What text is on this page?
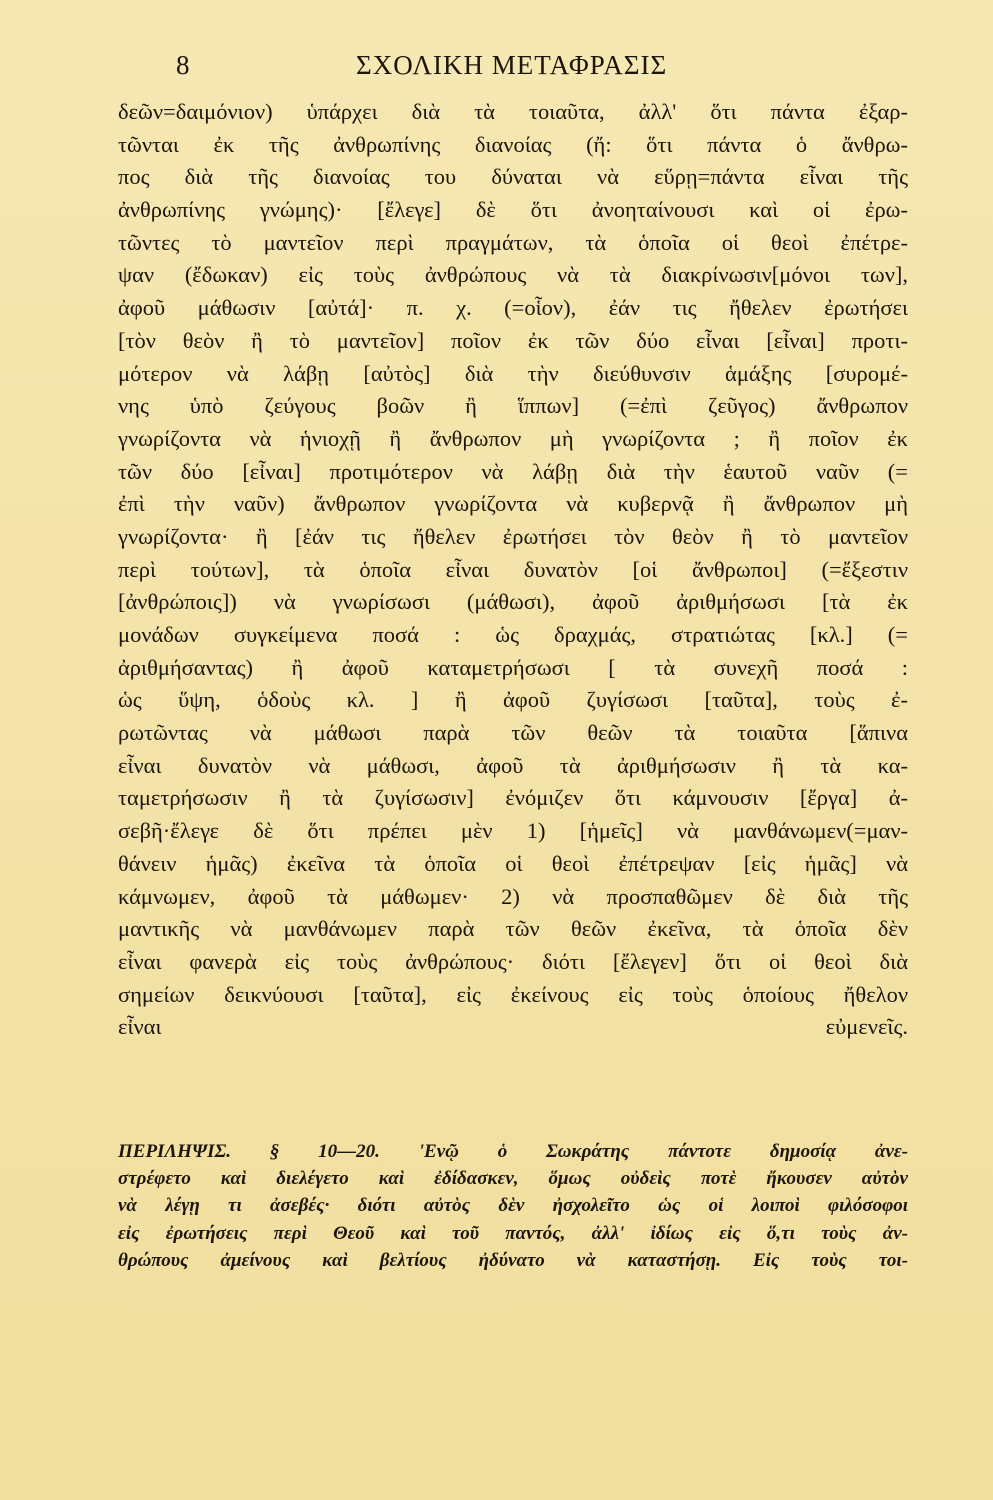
8	ΣΧΟΛΙΚΗ ΜΕΤΑΦΡΑΣΙΣ
δεῶν=δαιμόνιον) ὑπάρχει διὰ τὰ τοιαῦτα, ἀλλ' ὅτι πάντα ἐξαρ-
τῶνται ἐκ τῆς ἀνθρωπίνης διανοίας (ἤ: ὅτι πάντα ὁ ἄνθρω-
πος διὰ τῆς διανοίας του δύναται νὰ εὕρῃ=πάντα εἶναι τῆς
ἀνθρωπίνης γνώμης)· [ἔλεγε] δὲ ὅτι ἀνοηταίνουσι καὶ οἱ ἐρω-
τῶντες τὸ μαντεῖον περὶ πραγμάτων, τὰ ὁποῖα οἱ θεοὶ ἐπέτρε-
ψαν (ἔδωκαν) εἰς τοὺς ἀνθρώπους νὰ τὰ διακρίνωσιν[μόνοι των],
ἀφοῦ μάθωσιν [αὐτά]· π. χ. (=οἷον), ἐάν τις ἤθελεν ἐρωτήσει
[τὸν θεὸν ἢ τὸ μαντεῖον] ποῖον ἐκ τῶν δύο εἶναι [εἶναι] προτι-
μότερον νὰ λάβῃ [αὐτὸς] διὰ τὴν διεύθυνσιν ἁμάξης [συρομέ-
νης ὑπὸ ζεύγους βοῶν ἢ ἵππων] (=ἐπὶ ζεῦγος) ἄνθρωπον
γνωρίζοντα νὰ ἡνιοχῇ ἢ ἄνθρωπον μὴ γνωρίζοντα ; ἢ ποῖον ἐκ
τῶν δύο [εἶναι] προτιμότερον νὰ λάβῃ διὰ τὴν ἑαυτοῦ ναῦν (=
ἐπὶ τὴν ναῦν) ἄνθρωπον γνωρίζοντα νὰ κυβερνᾷ ἢ ἄνθρωπον μὴ
γνωρίζοντα· ἢ [ἐάν τις ἤθελεν ἐρωτήσει τὸν θεὸν ἢ τὸ μαντεῖον
περὶ τούτων], τὰ ὁποῖα εἶναι δυνατὸν [οἱ ἄνθρωποι] (=ἔξεστιν
[ἀνθρώποις]) νὰ γνωρίσωσι (μάθωσι), ἀφοῦ ἀριθμήσωσι [τὰ ἐκ
μονάδων συγκείμενα ποσά : ὡς δραχμάς, στρατιώτας [κλ.] (=
ἀριθμήσαντας) ἢ ἀφοῦ καταμετρήσωσι [ τὰ συνεχῆ ποσά :
ὡς ὕψη, ὁδοὺς κλ. ] ἢ ἀφοῦ ζυγίσωσι [ταῦτα], τοὺς ἐ-
ρωτῶντας νὰ μάθωσι παρὰ τῶν θεῶν τὰ τοιαῦτα [ἅπινα
εἶναι δυνατὸν νὰ μάθωσι, ἀφοῦ τὰ ἀριθμήσωσιν ἢ τὰ κα-
ταμετρήσωσιν ἢ τὰ ζυγίσωσιν] ἐνόμιζεν ὅτι κάμνουσιν [ἔργα] ἀ-
σεβῆ·ἔλεγε δὲ ὅτι πρέπει μὲν 1) [ἡμεῖς] νὰ μανθάνωμεν(=μαν-
θάνειν ἡμᾶς) ἐκεῖνα τὰ ὁποῖα οἱ θεοὶ ἐπέτρεψαν [εἰς ἡμᾶς] νὰ
κάμνωμεν, ἀφοῦ τὰ μάθωμεν· 2) νὰ προσπαθῶμεν δὲ διὰ τῆς
μαντικῆς νὰ μανθάνωμεν παρὰ τῶν θεῶν ἐκεῖνα, τὰ ὁποῖα δὲν
εἶναι φανερὰ εἰς τοὺς ἀνθρώπους· διότι [ἔλεγεν] ὅτι οἱ θεοὶ διὰ
σημείων δεικνύουσι [ταῦτα], εἰς ἐκείνους εἰς τοὺς ὁποίους ἤθελον
εἶναι εὐμενεῖς.
ΠΕΡΙΛΗΨΙΣ. § 10—20. 'Ενῷ ὁ Σωκράτης πάντοτε δημοσίᾳ ἀνε-
στρέφετο καὶ διελέγετο καὶ ἐδίδασκεν, ὅμως οὐδεὶς ποτὲ ἤκουσεν αὐτὸν
νὰ λέγῃ τι ἀσεβές· διότι αὐτὸς δὲν ἠσχολεῖτο ὡς οἱ λοιποὶ φιλόσοφοι
εἰς ἐρωτήσεις περὶ Θεοῦ καὶ τοῦ παντός, ἀλλ' ἰδίως εἰς ὅ,τι τοὺς ἀν-
θρώπους ἀμείνους καὶ βελτίους ἠδύνατο νὰ καταστήσῃ. Εἰς τοὺς τοι-
